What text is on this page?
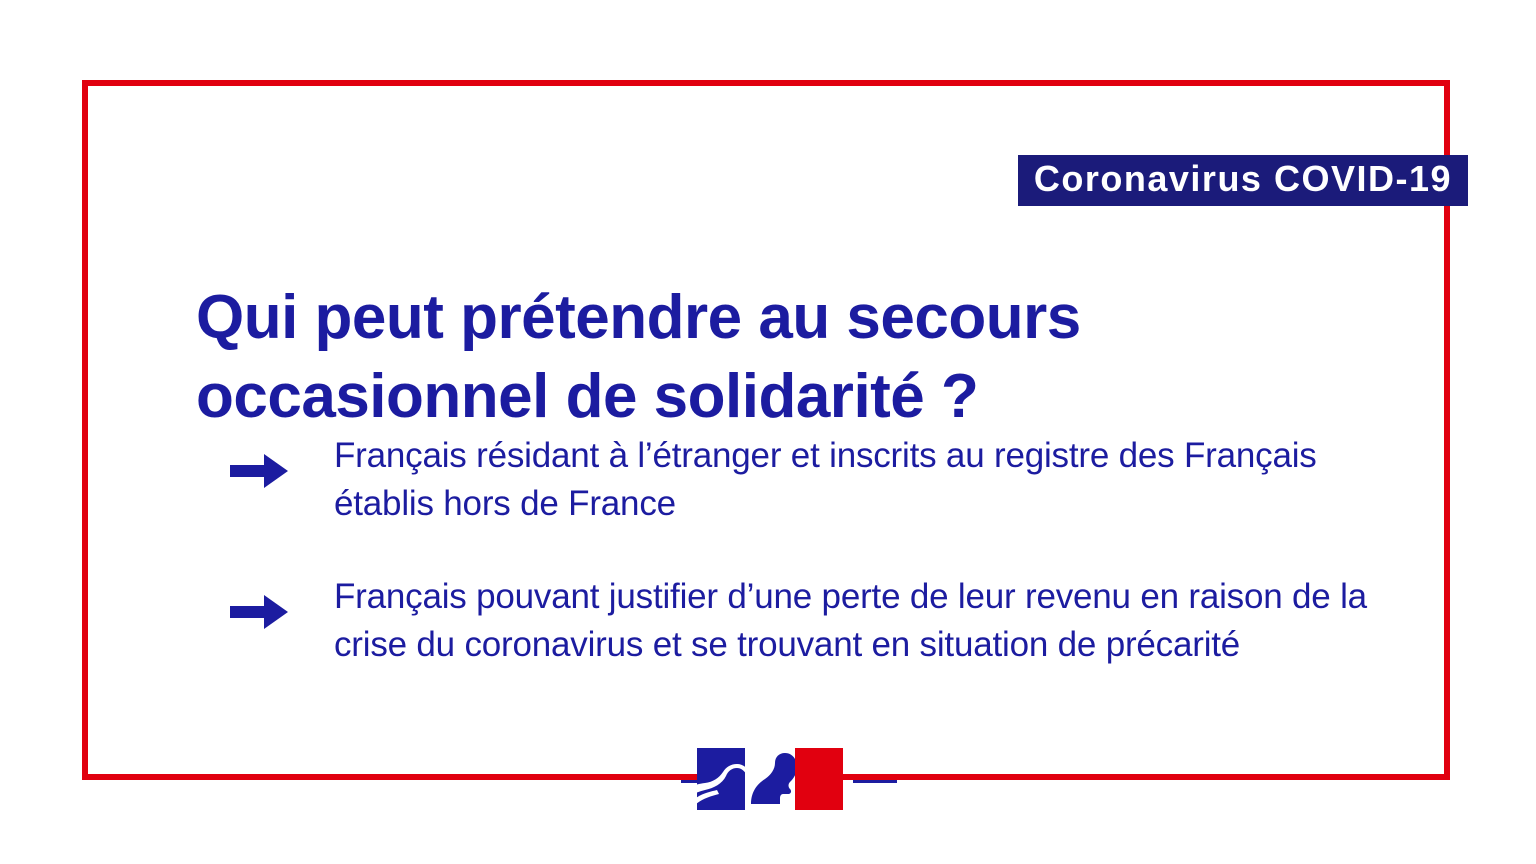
Coronavirus COVID-19
Qui peut prétendre au secours occasionnel de solidarité ?
Français résidant à l’étranger et inscrits au registre des Français établis hors de France
Français pouvant justifier d’une perte de leur revenu en raison de la crise du coronavirus et se trouvant en situation de précarité
